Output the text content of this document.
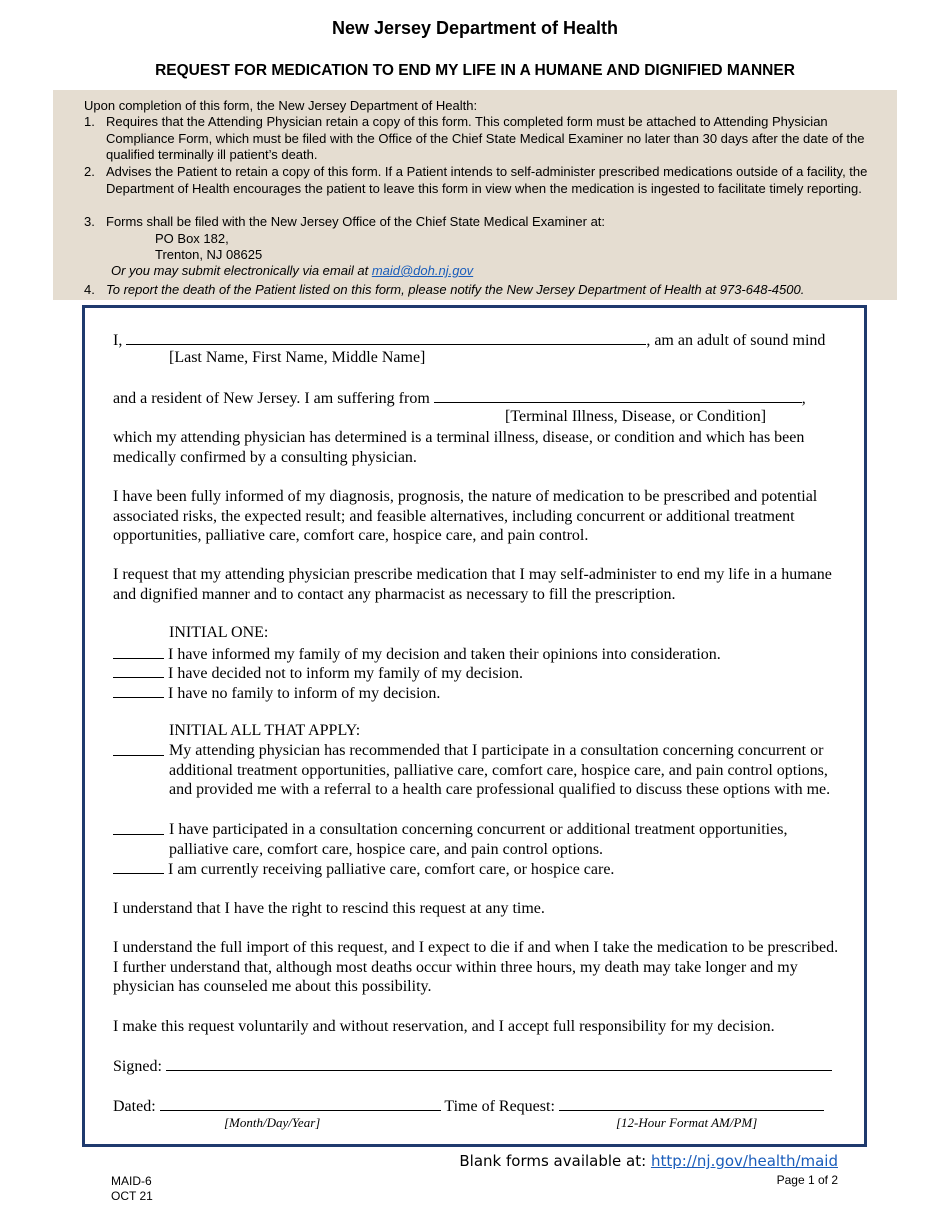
New Jersey Department of Health
REQUEST FOR MEDICATION TO END MY LIFE IN A HUMANE AND DIGNIFIED MANNER
Upon completion of this form, the New Jersey Department of Health:
1. Requires that the Attending Physician retain a copy of this form. This completed form must be attached to Attending Physician Compliance Form, which must be filed with the Office of the Chief State Medical Examiner no later than 30 days after the date of the qualified terminally ill patient’s death.
2. Advises the Patient to retain a copy of this form. If a Patient intends to self-administer prescribed medications outside of a facility, the Department of Health encourages the patient to leave this form in view when the medication is ingested to facilitate timely reporting.
3. Forms shall be filed with the New Jersey Office of the Chief State Medical Examiner at:
PO Box 182,
Trenton, NJ 08625
Or you may submit electronically via email at maid@doh.nj.gov
4. To report the death of the Patient listed on this form, please notify the New Jersey Department of Health at 973-648-4500.
I,	, am an adult of sound mind
[Last Name, First Name, Middle Name]
and a resident of New Jersey. I am suffering from	,
[Terminal Illness, Disease, or Condition]
which my attending physician has determined is a terminal illness, disease, or condition and which has been medically confirmed by a consulting physician.
I have been fully informed of my diagnosis, prognosis, the nature of medication to be prescribed and potential associated risks, the expected result; and feasible alternatives, including concurrent or additional treatment opportunities, palliative care, comfort care, hospice care, and pain control.
I request that my attending physician prescribe medication that I may self-administer to end my life in a humane and dignified manner and to contact any pharmacist as necessary to fill the prescription.
INITIAL ONE:
I have informed my family of my decision and taken their opinions into consideration.
I have decided not to inform my family of my decision.
I have no family to inform of my decision.
INITIAL ALL THAT APPLY:
My attending physician has recommended that I participate in a consultation concerning concurrent or additional treatment opportunities, palliative care, comfort care, hospice care, and pain control options, and provided me with a referral to a health care professional qualified to discuss these options with me.
I have participated in a consultation concerning concurrent or additional treatment opportunities, palliative care, comfort care, hospice care, and pain control options.
I am currently receiving palliative care, comfort care, or hospice care.
I understand that I have the right to rescind this request at any time.
I understand the full import of this request, and I expect to die if and when I take the medication to be prescribed. I further understand that, although most deaths occur within three hours, my death may take longer and my physician has counseled me about this possibility.
I make this request voluntarily and without reservation, and I accept full responsibility for my decision.
Signed:
Dated:	Time of Request:
[Month/Day/Year]	[12-Hour Format AM/PM]
Blank forms available at: http://nj.gov/health/maid
MAID-6
OCT 21
Page 1 of 2
